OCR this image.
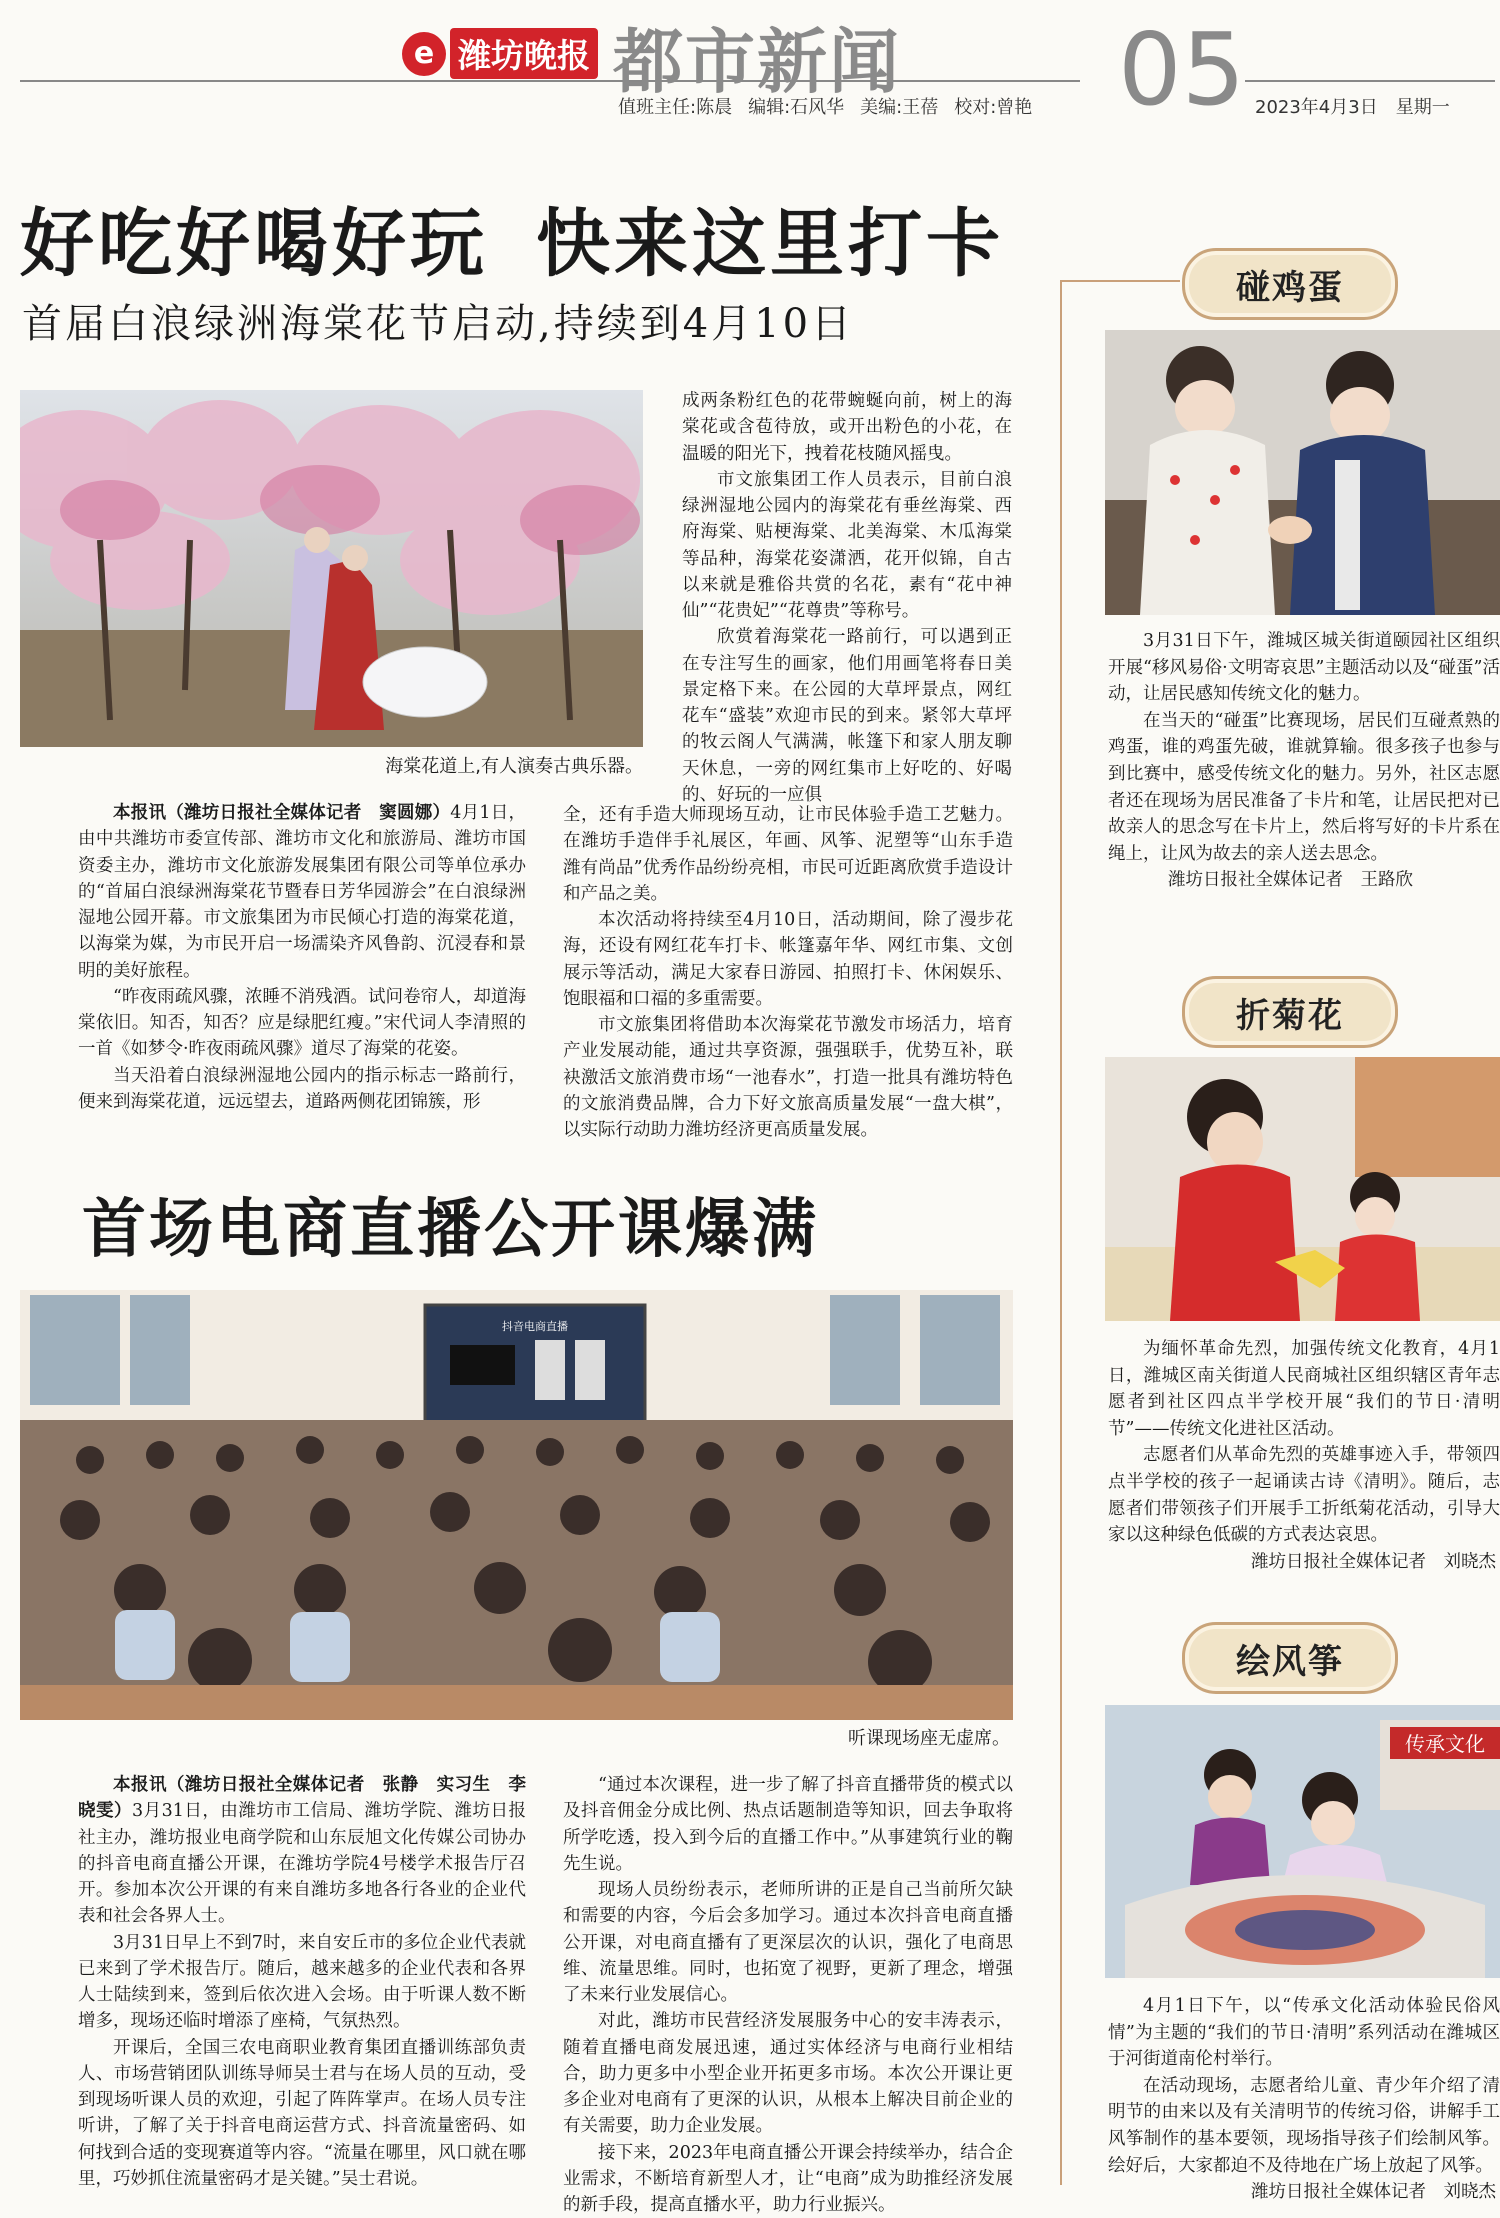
e 潍坊晚报 都市新闻
值班主任:陈晨 编辑:石风华 美编:王蓓 校对:曾艳 05 2023年4月3日 星期一
好吃好喝好玩 快来这里打卡
首届白浪绿洲海棠花节启动,持续到4月10日
海棠花道上,有人演奏古典乐器。

本报讯（潍坊日报社全媒体记者　窦圆娜）4月1日，由中共潍坊市委宣传部、潍坊市文化和旅游局、潍坊市国资委主办，潍坊市文化旅游发展集团有限公司等单位承办的“首届白浪绿洲海棠花节暨春日芳华园游会”在白浪绿洲湿地公园开幕。市文旅集团为市民倾心打造的海棠花道，以海棠为媒，为市民开启一场濡染齐风鲁韵、沉浸春和景明的美好旅程。

“昨夜雨疏风骤，浓睡不消残酒。试问卷帘人，却道海棠依旧。知否，知否？应是绿肥红瘦。”宋代词人李清照的一首《如梦令·昨夜雨疏风骤》道尽了海棠的花姿。

当天沿着白浪绿洲湿地公园内的指示标志一路前行，便来到海棠花道，远远望去，道路两侧花团锦簇，形

成两条粉红色的花带蜿蜒向前，树上的海棠花或含苞待放，或开出粉色的小花，在温暖的阳光下，拽着花枝随风摇曳。

市文旅集团工作人员表示，目前白浪绿洲湿地公园内的海棠花有垂丝海棠、西府海棠、贴梗海棠、北美海棠、木瓜海棠等品种，海棠花姿潇洒，花开似锦，自古以来就是雅俗共赏的名花，素有“花中神仙”“花贵妃”“花尊贵”等称号。

欣赏着海棠花一路前行，可以遇到正在专注写生的画家，他们用画笔将春日美景定格下来。在公园的大草坪景点，网红花车“盛装”欢迎市民的到来。紧邻大草坪的牧云阁人气满满，帐篷下和家人朋友聊天休息，一旁的网红集市上好吃的、好喝的、好玩的一应俱

全，还有手造大师现场互动，让市民体验手造工艺魅力。在潍坊手造伴手礼展区，年画、风筝、泥塑等“山东手造　潍有尚品”优秀作品纷纷亮相，市民可近距离欣赏手造设计和产品之美。

本次活动将持续至4月10日，活动期间，除了漫步花海，还设有网红花车打卡、帐篷嘉年华、网红市集、文创展示等活动，满足大家春日游园、拍照打卡、休闲娱乐、饱眼福和口福的多重需要。

市文旅集团将借助本次海棠花节激发市场活力，培育产业发展动能，通过共享资源，强强联手，优势互补，联袂激活文旅消费市场“一池春水”，打造一批具有潍坊特色的文旅消费品牌，合力下好文旅高质量发展“一盘大棋”，以实际行动助力潍坊经济更高质量发展。

首场电商直播公开课爆满
抖音电商直播
听课现场座无虚席。

本报讯（潍坊日报社全媒体记者　张静　实习生　李晓雯）3月31日，由潍坊市工信局、潍坊学院、潍坊日报社主办，潍坊报业电商学院和山东辰旭文化传媒公司协办的抖音电商直播公开课，在潍坊学院4号楼学术报告厅召开。参加本次公开课的有来自潍坊多地各行各业的企业代表和社会各界人士。

3月31日早上不到7时，来自安丘市的多位企业代表就已来到了学术报告厅。随后，越来越多的企业代表和各界人士陆续到来，签到后依次进入会场。由于听课人数不断增多，现场还临时增添了座椅，气氛热烈。

开课后，全国三农电商职业教育集团直播训练部负责人、市场营销团队训练导师吴士君与在场人员的互动，受到现场听课人员的欢迎，引起了阵阵掌声。在场人员专注听讲，了解了关于抖音电商运营方式、抖音流量密码、如何找到合适的变现赛道等内容。“流量在哪里，风口就在哪里，巧妙抓住流量密码才是关键。”吴士君说。

“通过本次课程，进一步了解了抖音直播带货的模式以及抖音佣金分成比例、热点话题制造等知识，回去争取将所学吃透，投入到今后的直播工作中。”从事建筑行业的鞠先生说。

现场人员纷纷表示，老师所讲的正是自己当前所欠缺和需要的内容，今后会多加学习。通过本次抖音电商直播公开课，对电商直播有了更深层次的认识，强化了电商思维、流量思维。同时，也拓宽了视野，更新了理念，增强了未来行业发展信心。

对此，潍坊市民营经济发展服务中心的安丰涛表示，随着直播电商发展迅速，通过实体经济与电商行业相结合，助力更多中小型企业开拓更多市场。本次公开课让更多企业对电商有了更深的认识，从根本上解决目前企业的有关需要，助力企业发展。

接下来，2023年电商直播公开课会持续举办，结合企业需求，不断培育新型人才，让“电商”成为助推经济发展的新手段，提高直播水平，助力行业振兴。

碰鸡蛋

3月31日下午，潍城区城关街道颐园社区组织开展“移风易俗·文明寄哀思”主题活动以及“碰蛋”活动，让居民感知传统文化的魅力。

在当天的“碰蛋”比赛现场，居民们互碰煮熟的鸡蛋，谁的鸡蛋先破，谁就算输。很多孩子也参与到比赛中，感受传统文化的魅力。另外，社区志愿者还在现场为居民准备了卡片和笔，让居民把对已故亲人的思念写在卡片上，然后将写好的卡片系在绳上，让风为故去的亲人送去思念。

潍坊日报社全媒体记者　王路欣

折菊花

为缅怀革命先烈，加强传统文化教育，4月1日，潍城区南关街道人民商城社区组织辖区青年志愿者到社区四点半学校开展“我们的节日·清明节”——传统文化进社区活动。

志愿者们从革命先烈的英雄事迹入手，带领四点半学校的孩子一起诵读古诗《清明》。随后，志愿者们带领孩子们开展手工折纸菊花活动，引导大家以这种绿色低碳的方式表达哀思。

潍坊日报社全媒体记者　刘晓杰

绘风筝
传承文化

4月1日下午，以“传承文化活动体验民俗风情”为主题的“我们的节日·清明”系列活动在潍城区于河街道南伦村举行。

在活动现场，志愿者给儿童、青少年介绍了清明节的由来以及有关清明节的传统习俗，讲解手工风筝制作的基本要领，现场指导孩子们绘制风筝。绘好后，大家都迫不及待地在广场上放起了风筝。

潍坊日报社全媒体记者　刘晓杰
